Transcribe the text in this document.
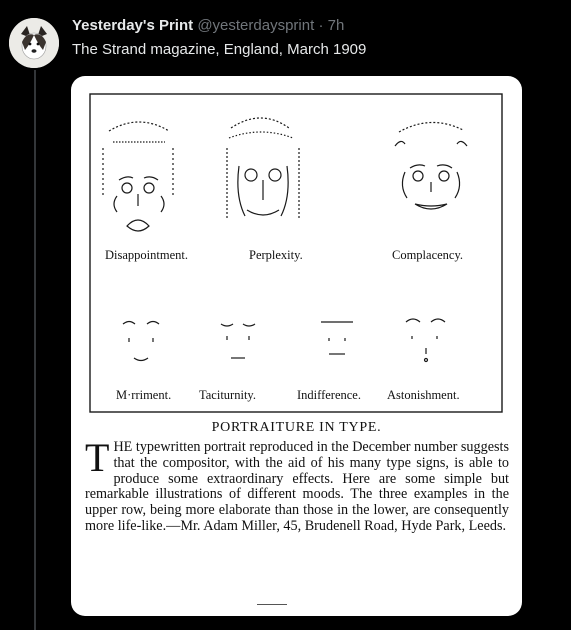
Yesterday's Print @yesterdaysprint · 7h
The Strand magazine, England, March 1909
Disappointment.	Perplexity.	Complacency.
M·rriment. Taciturnity.	Indifference. Astonishment.
PORTRAITURE IN TYPE.
T HE typewritten portrait reproduced in the December number suggests that the compositor, with the aid of his many type signs, is able to produce some extraordinary effects. Here are some simple but remarkable illustrations of different moods. The three examples in the upper row, being more elaborate than those in the lower, are consequently more life-like.—Mr. Adam Miller, 45, Brudenell Road, Hyde Park, Leeds.
